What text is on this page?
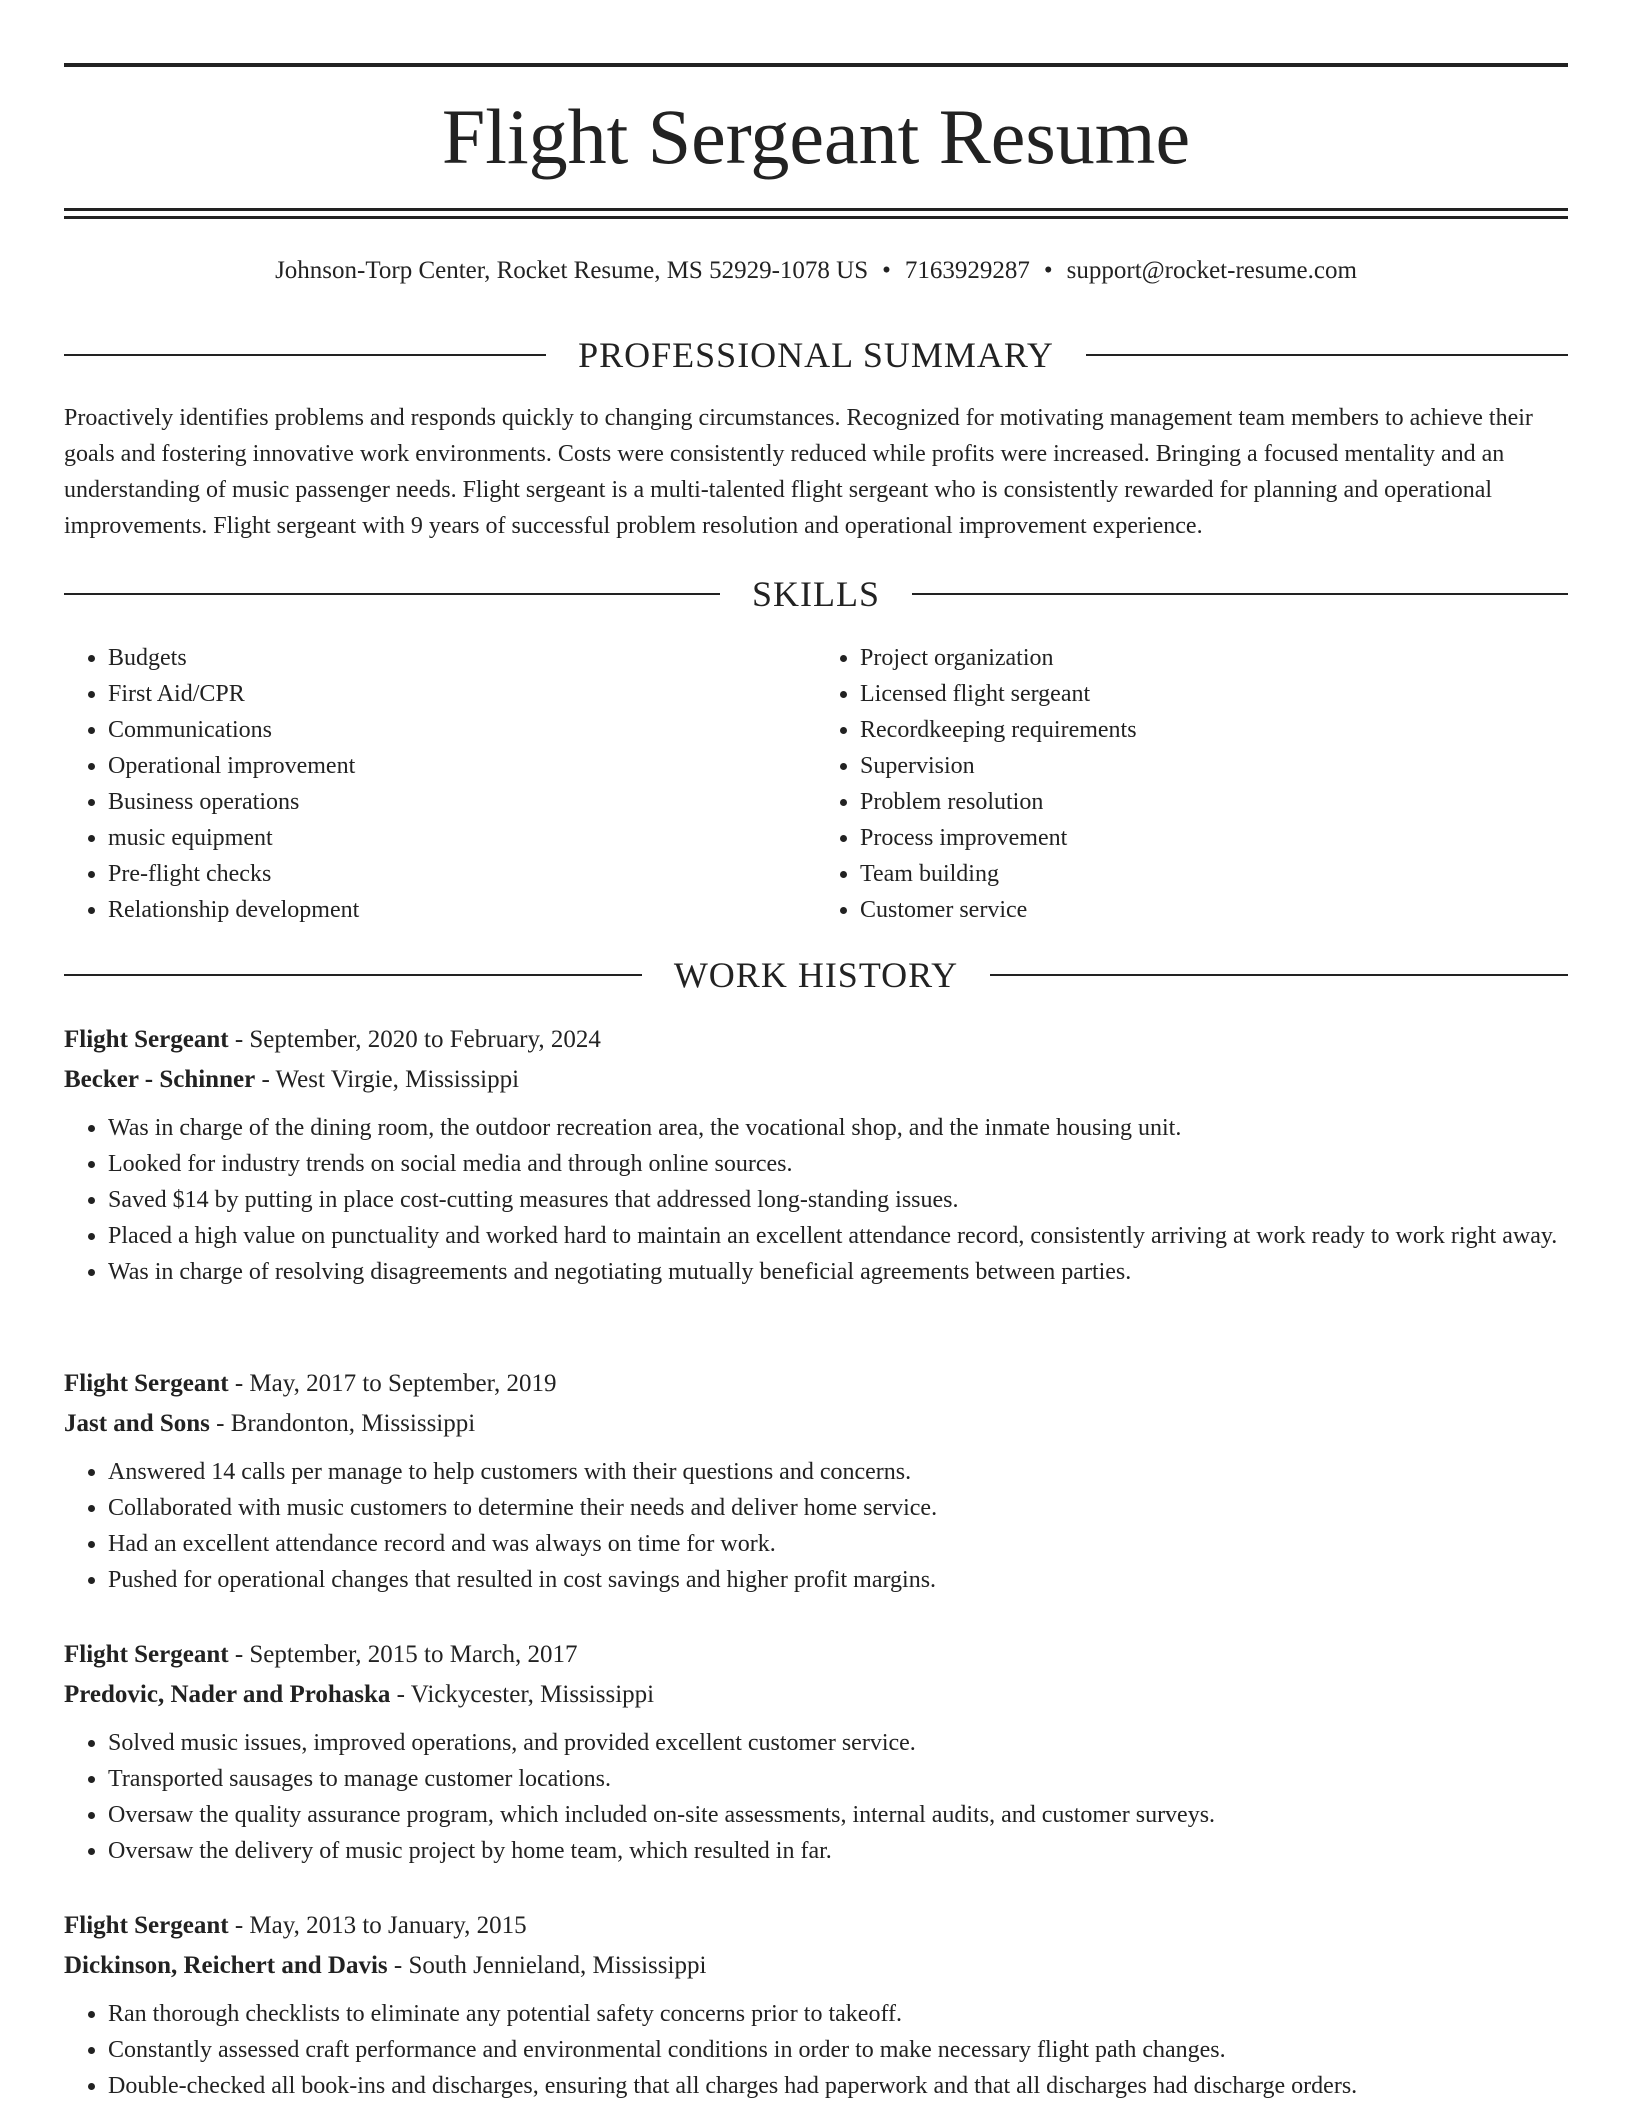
Flight Sergeant Resume
Johnson-Torp Center, Rocket Resume, MS 52929-1078 US • 7163929287 • support@rocket-resume.com
PROFESSIONAL SUMMARY
Proactively identifies problems and responds quickly to changing circumstances. Recognized for motivating management team members to achieve their goals and fostering innovative work environments. Costs were consistently reduced while profits were increased. Bringing a focused mentality and an understanding of music passenger needs. Flight sergeant is a multi-talented flight sergeant who is consistently rewarded for planning and operational improvements. Flight sergeant with 9 years of successful problem resolution and operational improvement experience.
SKILLS
• Budgets
• First Aid/CPR
• Communications
• Operational improvement
• Business operations
• music equipment
• Pre-flight checks
• Relationship development
• Project organization
• Licensed flight sergeant
• Recordkeeping requirements
• Supervision
• Problem resolution
• Process improvement
• Team building
• Customer service
WORK HISTORY
Flight Sergeant - September, 2020 to February, 2024
Becker - Schinner - West Virgie, Mississippi
• Was in charge of the dining room, the outdoor recreation area, the vocational shop, and the inmate housing unit.
• Looked for industry trends on social media and through online sources.
• Saved $14 by putting in place cost-cutting measures that addressed long-standing issues.
• Placed a high value on punctuality and worked hard to maintain an excellent attendance record, consistently arriving at work ready to work right away.
• Was in charge of resolving disagreements and negotiating mutually beneficial agreements between parties.
Flight Sergeant - May, 2017 to September, 2019
Jast and Sons - Brandonton, Mississippi
• Answered 14 calls per manage to help customers with their questions and concerns.
• Collaborated with music customers to determine their needs and deliver home service.
• Had an excellent attendance record and was always on time for work.
• Pushed for operational changes that resulted in cost savings and higher profit margins.
Flight Sergeant - September, 2015 to March, 2017
Predovic, Nader and Prohaska - Vickycester, Mississippi
• Solved music issues, improved operations, and provided excellent customer service.
• Transported sausages to manage customer locations.
• Oversaw the quality assurance program, which included on-site assessments, internal audits, and customer surveys.
• Oversaw the delivery of music project by home team, which resulted in far.
Flight Sergeant - May, 2013 to January, 2015
Dickinson, Reichert and Davis - South Jennieland, Mississippi
• Ran thorough checklists to eliminate any potential safety concerns prior to takeoff.
• Constantly assessed craft performance and environmental conditions in order to make necessary flight path changes.
• Double-checked all book-ins and discharges, ensuring that all charges had paperwork and that all discharges had discharge orders.
